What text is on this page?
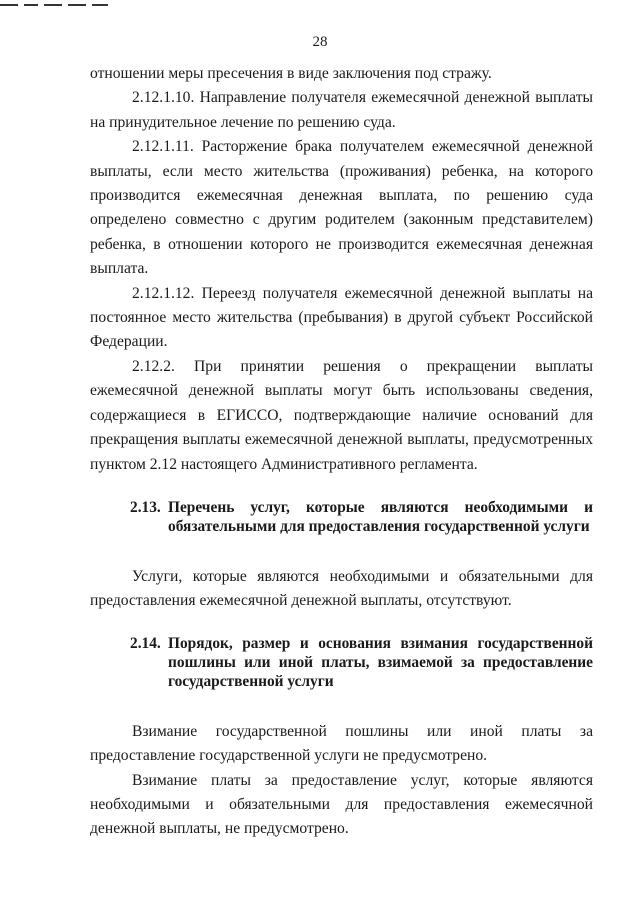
28

отношении меры пресечения в виде заключения под стражу.

2.12.1.10. Направление получателя ежемесячной денежной выплаты на принудительное лечение по решению суда.

2.12.1.11. Расторжение брака получателем ежемесячной денежной выплаты, если место жительства (проживания) ребенка, на которого производится ежемесячная денежная выплата, по решению суда определено совместно с другим родителем (законным представителем) ребенка, в отношении которого не производится ежемесячная денежная выплата.

2.12.1.12. Переезд получателя ежемесячной денежной выплаты на постоянное место жительства (пребывания) в другой субъект Российской Федерации.

2.12.2. При принятии решения о прекращении выплаты ежемесячной денежной выплаты могут быть использованы сведения, содержащиеся в ЕГИССО, подтверждающие наличие оснований для прекращения выплаты ежемесячной денежной выплаты, предусмотренных пунктом 2.12 настоящего Административного регламента.

2.13. Перечень услуг, которые являются необходимыми и обязательными для предоставления государственной услуги

Услуги, которые являются необходимыми и обязательными для предоставления ежемесячной денежной выплаты, отсутствуют.

2.14. Порядок, размер и основания взимания государственной пошлины или иной платы, взимаемой за предоставление государственной услуги

Взимание государственной пошлины или иной платы за предоставление государственной услуги не предусмотрено.

Взимание платы за предоставление услуг, которые являются необходимыми и обязательными для предоставления ежемесячной денежной выплаты, не предусмотрено.
